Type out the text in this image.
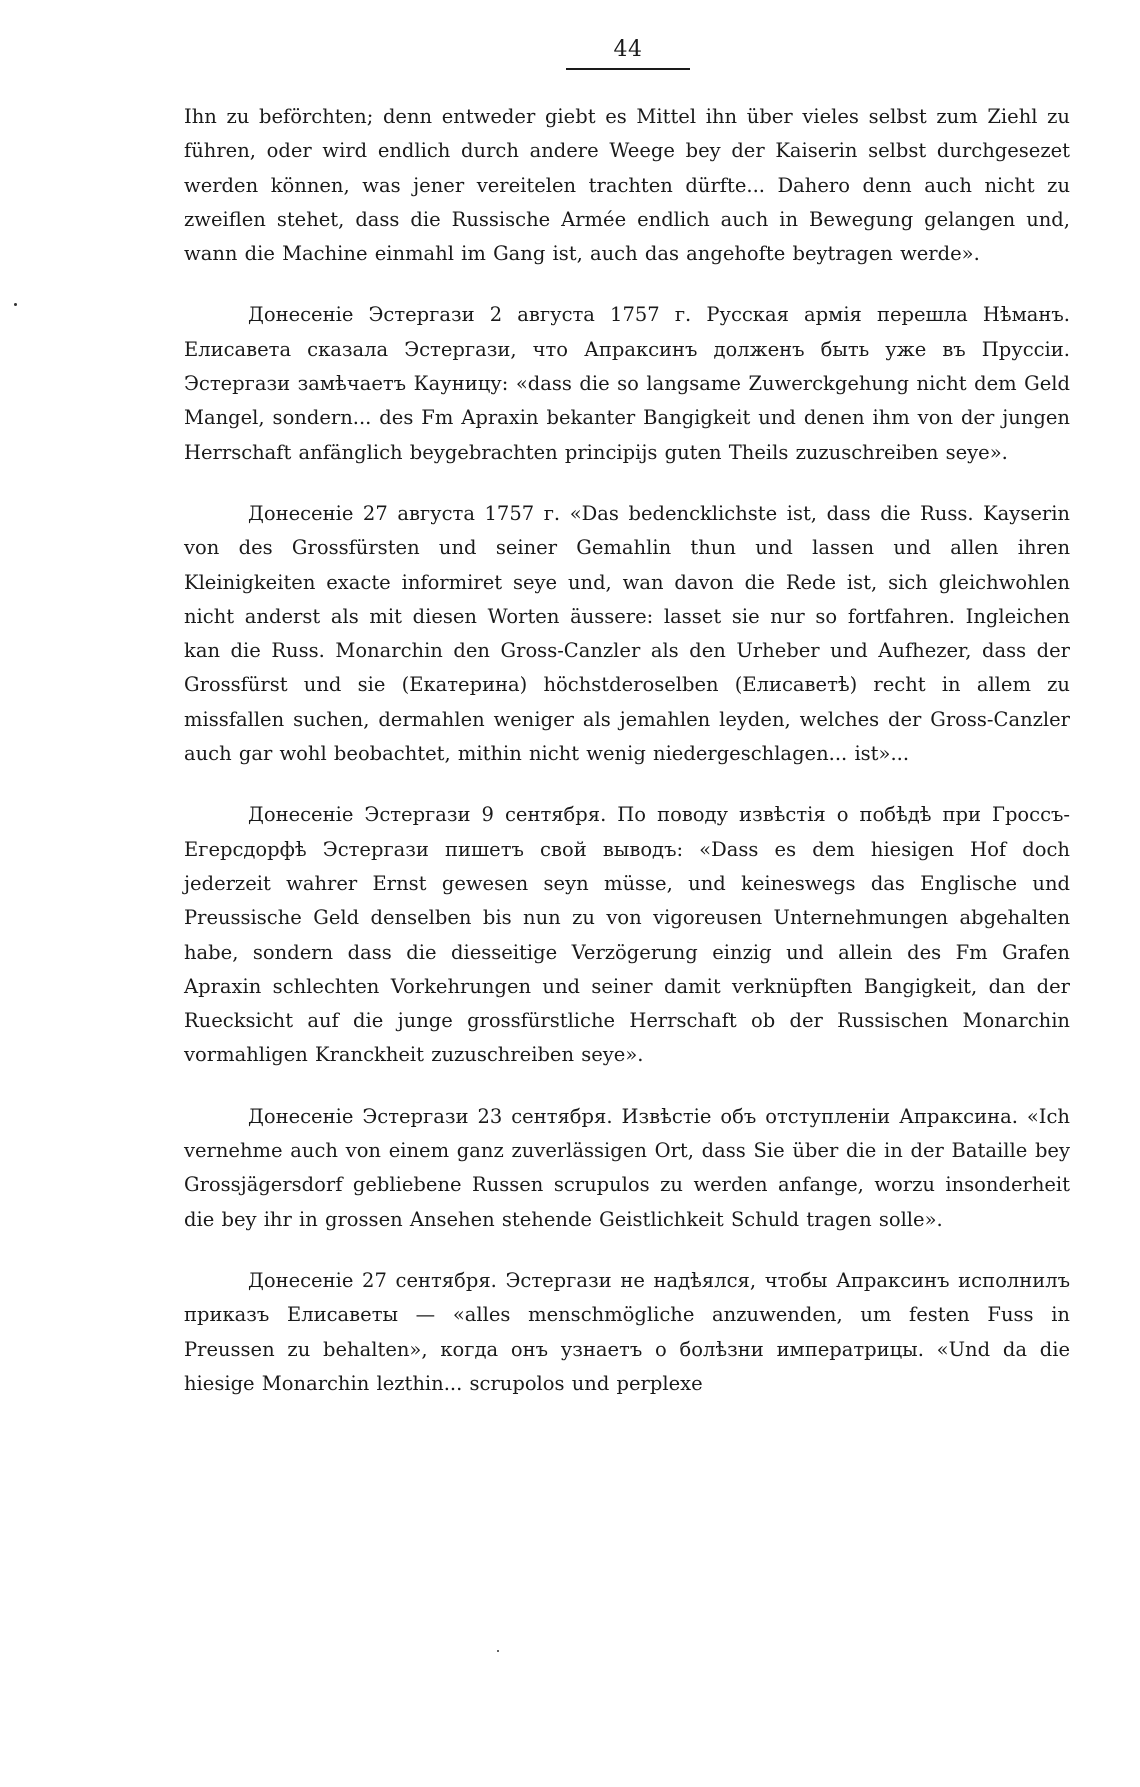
44

Ihn zu beförchten; denn entweder giebt es Mittel ihn über vieles selbst zum Ziehl zu führen, oder wird endlich durch andere Weege bey der Kaiserin selbst durchgesezet werden können, was jener vereitelen trachten dürfte... Dahero denn auch nicht zu zweiflen stehet, dass die Russische Armée endlich auch in Bewegung gelangen und, wann die Machine einmahl im Gang ist, auch das angehofte beytragen werde».

Донесеніе Эстергази 2 августа 1757 г. Русская армія перешла Нѣманъ. Елисавета сказала Эстергази, что Апраксинъ долженъ быть уже въ Пруссіи. Эстергази замѣчаетъ Кауницу: «dass die so langsame Zuwerckgehung nicht dem Geld Mangel, sondern... des Fm Apraxin bekanter Bangigkeit und denen ihm von der jungen Herrschaft anfänglich beygebrachten principijs guten Theils zuzuschreiben seye».

Донесеніе 27 августа 1757 г. «Das bedencklichste ist, dass die Russ. Kayserin von des Grossfürsten und seiner Gemahlin thun und lassen und allen ihren Kleinigkeiten exacte informiret seye und, wan davon die Rede ist, sich gleichwohlen nicht anderst als mit diesen Worten äussere: lasset sie nur so fortfahren. Ingleichen kan die Russ. Monarchin den Gross-Canzler als den Urheber und Aufhezer, dass der Grossfürst und sie (Екатерина) höchstderoselben (Елисаветѣ) recht in allem zu missfallen suchen, dermahlen weniger als jemahlen leyden, welches der Gross-Canzler auch gar wohl beobachtet, mithin nicht wenig niedergeschlagen... ist»...

Донесеніе Эстергази 9 сентября. По поводу извѣстія о побѣдѣ при Гроссъ-Егерсдорфѣ Эстергази пишетъ свой выводъ: «Dass es dem hiesigen Hof doch jederzeit wahrer Ernst gewesen seyn müsse, und keineswegs das Englische und Preussische Geld denselben bis nun zu von vigoreusen Unternehmungen abgehalten habe, sondern dass die diesseitige Verzögerung einzig und allein des Fm Grafen Apraxin schlechten Vorkehrungen und seiner damit verknüpften Bangigkeit, dan der Ruecksicht auf die junge grossfürstliche Herrschaft ob der Russischen Monarchin vormahligen Kranckheit zuzuschreiben seye».

Донесеніе Эстергази 23 сентября. Извѣстіе объ отступленіи Апраксина. «Ich vernehme auch von einem ganz zuverlässigen Ort, dass Sie über die in der Bataille bey Grossjägersdorf gebliebene Russen scrupulos zu werden anfange, worzu insonderheit die bey ihr in grossen Ansehen stehende Geistlichkeit Schuld tragen solle».

Донесеніе 27 сентября. Эстергази не надѣялся, чтобы Апраксинъ исполнилъ приказъ Елисаветы — «alles menschmögliche anzuwenden, um festen Fuss in Preussen zu behalten», когда онъ узнаетъ о болѣзни императрицы. «Und da die hiesige Monarchin lezthin... scrupolos und perplexe
